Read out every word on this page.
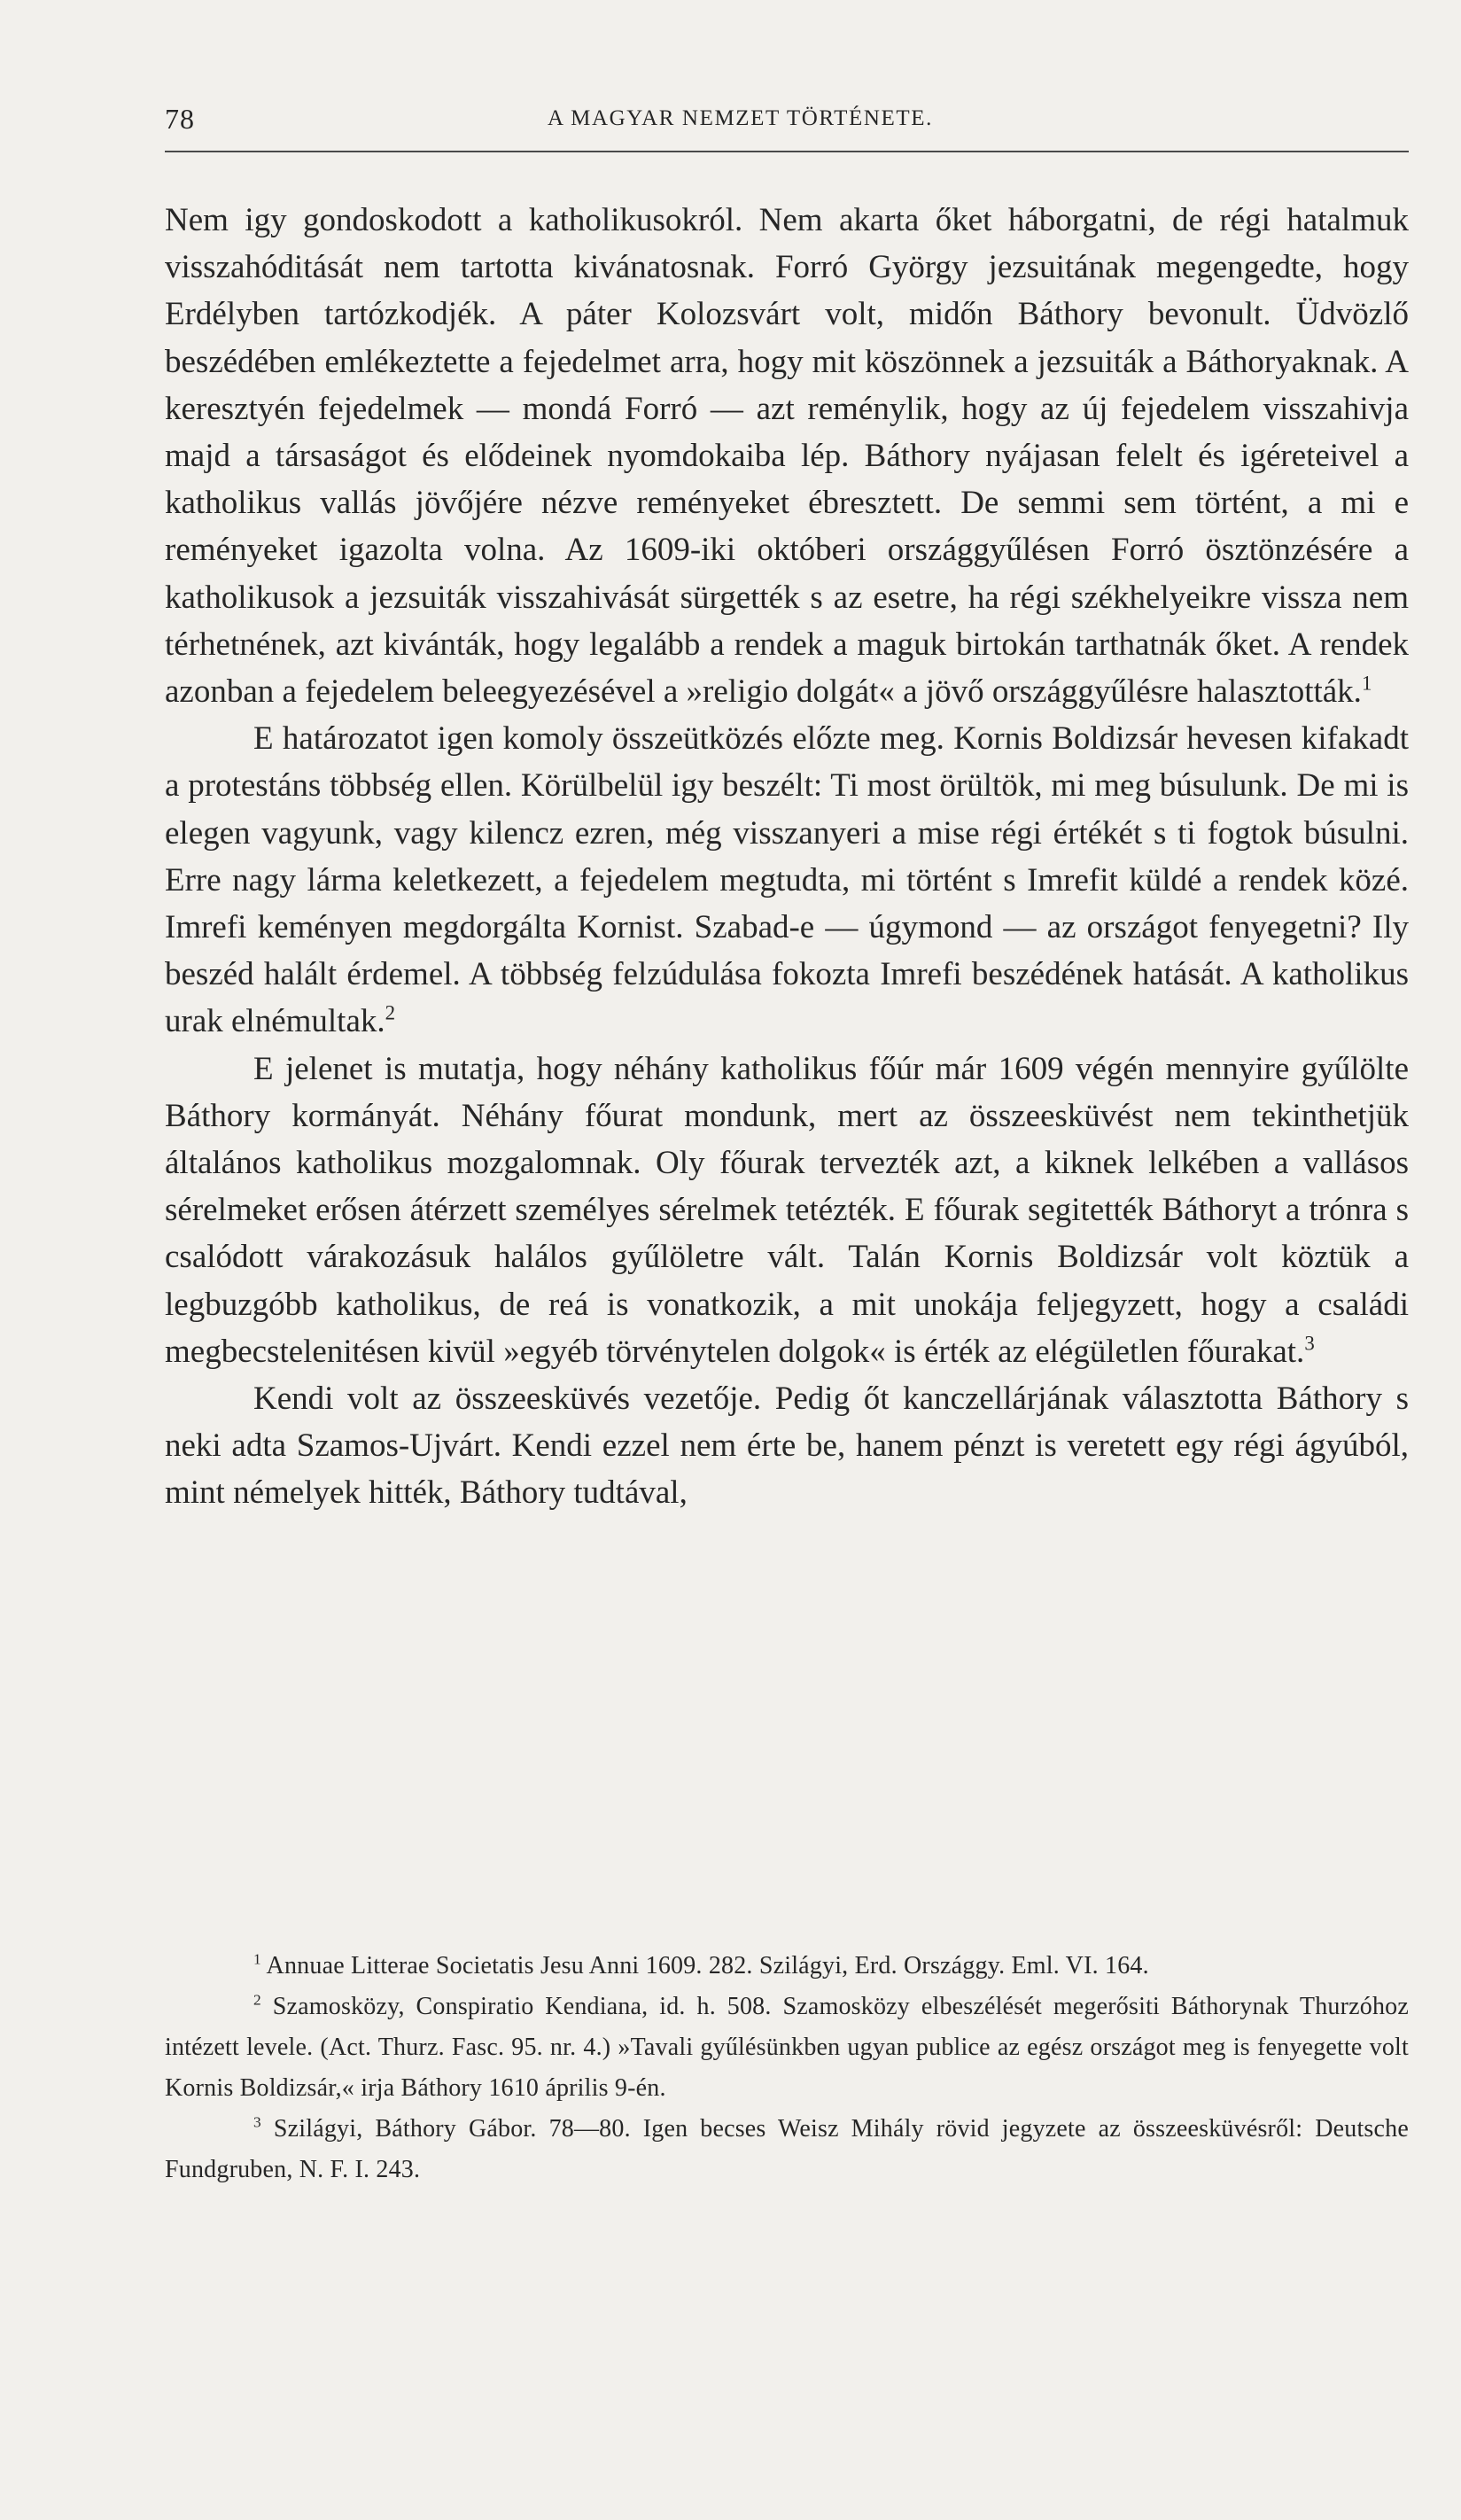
78	A MAGYAR NEMZET TÖRTÉNETE.

Nem igy gondoskodott a katholikusokról. Nem akarta őket háborgatni, de régi hatalmuk visszahóditását nem tartotta kivánatosnak. Forró György jezsuitának megengedte, hogy Erdélyben tartózkodjék. A páter Kolozsvárt volt, midőn Báthory bevonult. Üdvözlő beszédében emlékeztette a fejedelmet arra, hogy mit köszönnek a jezsuiták a Báthoryaknak. A keresztyén fejedelmek — mondá Forró — azt reménylik, hogy az új fejedelem visszahivja majd a társaságot és elődeinek nyomdokaiba lép. Báthory nyájasan felelt és igéreteivel a katholikus vallás jövőjére nézve reményeket ébresztett. De semmi sem történt, a mi e reményeket igazolta volna. Az 1609-iki októberi országgyűlésen Forró ösztönzésére a katholikusok a jezsuiták visszahivását sürgették s az esetre, ha régi székhelyeikre vissza nem térhetnének, azt kivánták, hogy legalább a rendek a maguk birtokán tarthatnák őket. A rendek azonban a fejedelem beleegyezésével a »religio dolgát« a jövő országgyűlésre halasztották.$^1$

E határozatot igen komoly összeütközés előzte meg. Kornis Boldizsár hevesen kifakadt a protestáns többség ellen. Körülbelül igy beszélt: Ti most örültök, mi meg búsulunk. De mi is elegen vagyunk, vagy kilencz ezren, még visszanyeri a mise régi értékét s ti fogtok búsulni. Erre nagy lárma keletkezett, a fejedelem megtudta, mi történt s Imrefit küldé a rendek közé. Imrefi keményen megdorgálta Kornist. Szabad-e — úgymond — az országot fenyegetni? Ily beszéd halált érdemel. A többség felzúdulása fokozta Imrefi beszédének hatását. A katholikus urak elnémultak.$^2$

E jelenet is mutatja, hogy néhány katholikus főúr már 1609 végén mennyire gyűlölte Báthory kormányát. Néhány főurat mondunk, mert az összeesküvést nem tekinthetjük általános katholikus mozgalomnak. Oly főurak tervezték azt, a kiknek lelkében a vallásos sérelmeket erősen átérzett személyes sérelmek tetézték. E főurak segitették Báthoryt a trónra s csalódott várakozásuk halálos gyűlöletre vált. Talán Kornis Boldizsár volt köztük a legbuzgóbb katholikus, de reá is vonatkozik, a mit unokája feljegyzett, hogy a családi megbecstelenitésen kivül »egyéb törvénytelen dolgok« is érték az elégületlen főurakat.$^3$

Kendi volt az összeesküvés vezetője. Pedig őt kanczellárjának választotta Báthory s neki adta Szamos-Ujvárt. Kendi ezzel nem érte be, hanem pénzt is veretett egy régi ágyúból, mint némelyek hitték, Báthory tudtával,

$^1$ Annuae Litterae Societatis Jesu Anni 1609. 282. Szilágyi, Erd. Országgy. Eml. VI. 164.

$^2$ Szamosközy, Conspiratio Kendiana, id. h. 508. Szamosközy elbeszélését megerősiti Báthorynak Thurzóhoz intézett levele. (Act. Thurz. Fasc. 95. nr. 4.) »Tavali gyűlésünkben ugyan publice az egész országot meg is fenyegette volt Kornis Boldizsár,« irja Báthory 1610 április 9-én.

$^3$ Szilágyi, Báthory Gábor. 78—80. Igen becses Weisz Mihály rövid jegyzete az összeesküvésről: Deutsche Fundgruben, N. F. I. 243.
